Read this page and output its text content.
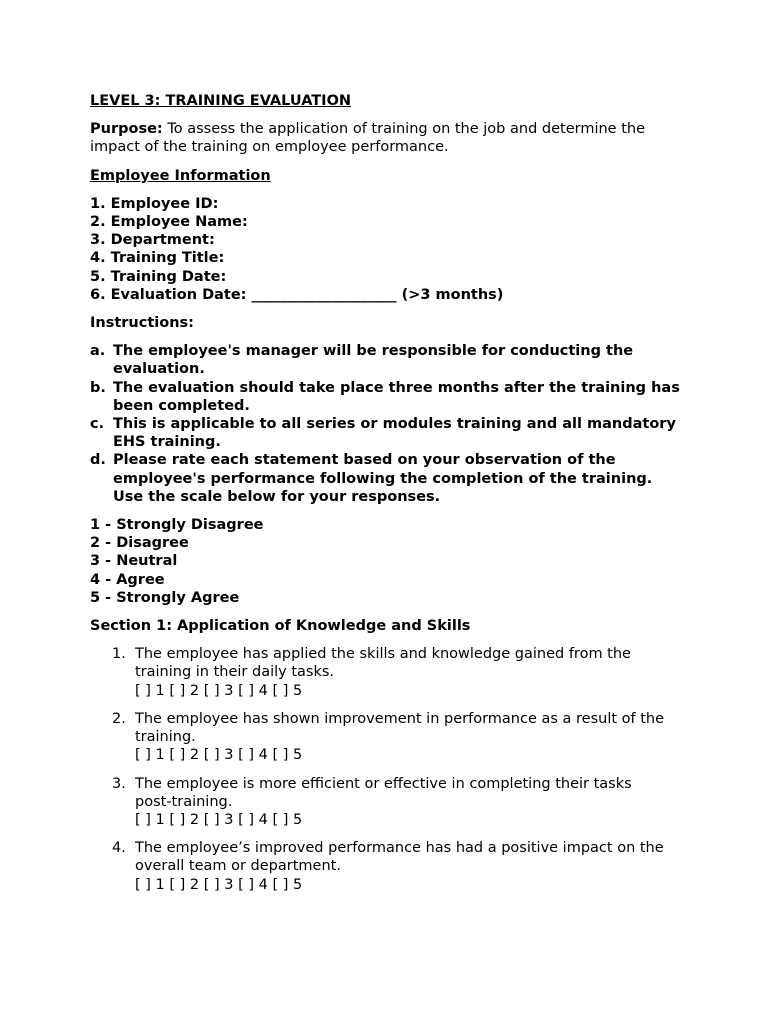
LEVEL 3: TRAINING EVALUATION

Purpose: To assess the application of training on the job and determine the impact of the training on employee performance.

Employee Information

1. Employee ID:
2. Employee Name:
3. Department:
4. Training Title:
5. Training Date:
6. Evaluation Date: ____________________ (>3 months)

Instructions:

a. The employee's manager will be responsible for conducting the evaluation.
b. The evaluation should take place three months after the training has been completed.
c. This is applicable to all series or modules training and all mandatory EHS training.
d. Please rate each statement based on your observation of the employee's performance following the completion of the training. Use the scale below for your responses.
1 - Strongly Disagree
2 - Disagree
3 - Neutral
4 - Agree
5 - Strongly Agree

Section 1: Application of Knowledge and Skills

1. The employee has applied the skills and knowledge gained from the training in their daily tasks.
[ ] 1 [ ] 2 [ ] 3 [ ] 4 [ ] 5
2. The employee has shown improvement in performance as a result of the training.
[ ] 1 [ ] 2 [ ] 3 [ ] 4 [ ] 5
3. The employee is more efficient or effective in completing their tasks post-training.
[ ] 1 [ ] 2 [ ] 3 [ ] 4 [ ] 5
4. The employee’s improved performance has had a positive impact on the overall team or department.
[ ] 1 [ ] 2 [ ] 3 [ ] 4 [ ] 5
